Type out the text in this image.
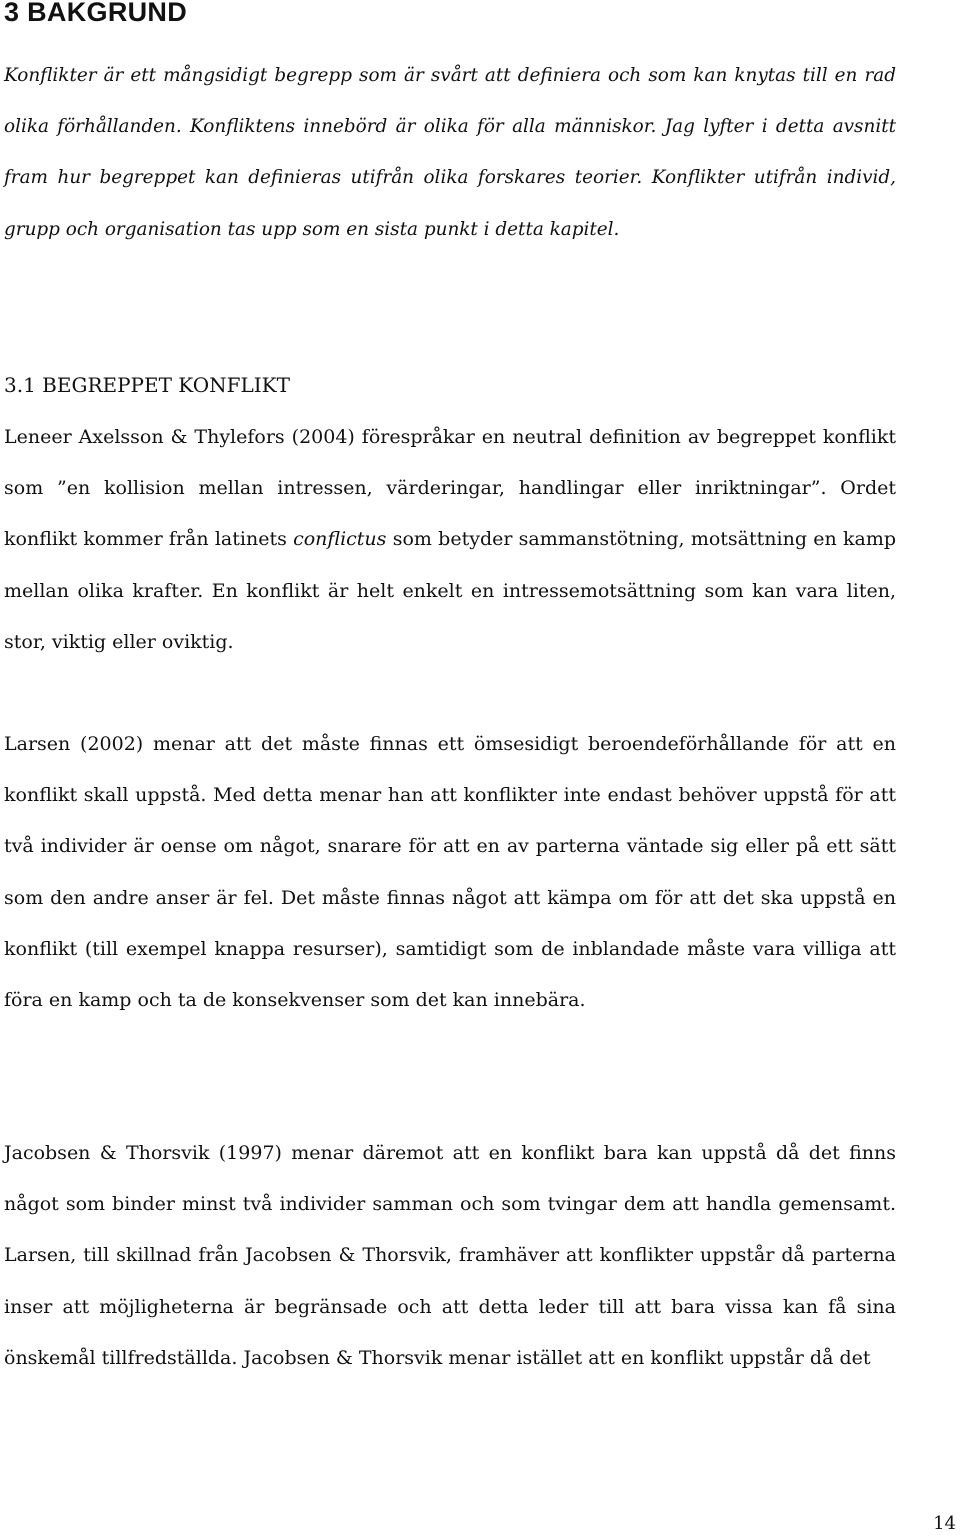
3 BAKGRUND

Konflikter är ett mångsidigt begrepp som är svårt att definiera och som kan knytas till en rad olika förhållanden. Konfliktens innebörd är olika för alla människor. Jag lyfter i detta avsnitt fram hur begreppet kan definieras utifrån olika forskares teorier. Konflikter utifrån individ, grupp och organisation tas upp som en sista punkt i detta kapitel.

3.1 BEGREPPET KONFLIKT

Leneer Axelsson & Thylefors (2004) förespråkar en neutral definition av begreppet konflikt som ”en kollision mellan intressen, värderingar, handlingar eller inriktningar”. Ordet konflikt kommer från latinets conflictus som betyder sammanstötning, motsättning en kamp mellan olika krafter. En konflikt är helt enkelt en intressemotsättning som kan vara liten, stor, viktig eller oviktig.

Larsen (2002) menar att det måste finnas ett ömsesidigt beroendeförhållande för att en konflikt skall uppstå. Med detta menar han att konflikter inte endast behöver uppstå för att två individer är oense om något, snarare för att en av parterna väntade sig eller på ett sätt som den andre anser är fel. Det måste finnas något att kämpa om för att det ska uppstå en konflikt (till exempel knappa resurser), samtidigt som de inblandade måste vara villiga att föra en kamp och ta de konsekvenser som det kan innebära.

Jacobsen & Thorsvik (1997) menar däremot att en konflikt bara kan uppstå då det finns något som binder minst två individer samman och som tvingar dem att handla gemensamt. Larsen, till skillnad från Jacobsen & Thorsvik, framhäver att konflikter uppstår då parterna inser att möjligheterna är begränsade och att detta leder till att bara vissa kan få sina önskemål tillfredställda. Jacobsen & Thorsvik menar istället att en konflikt uppstår då det

14
